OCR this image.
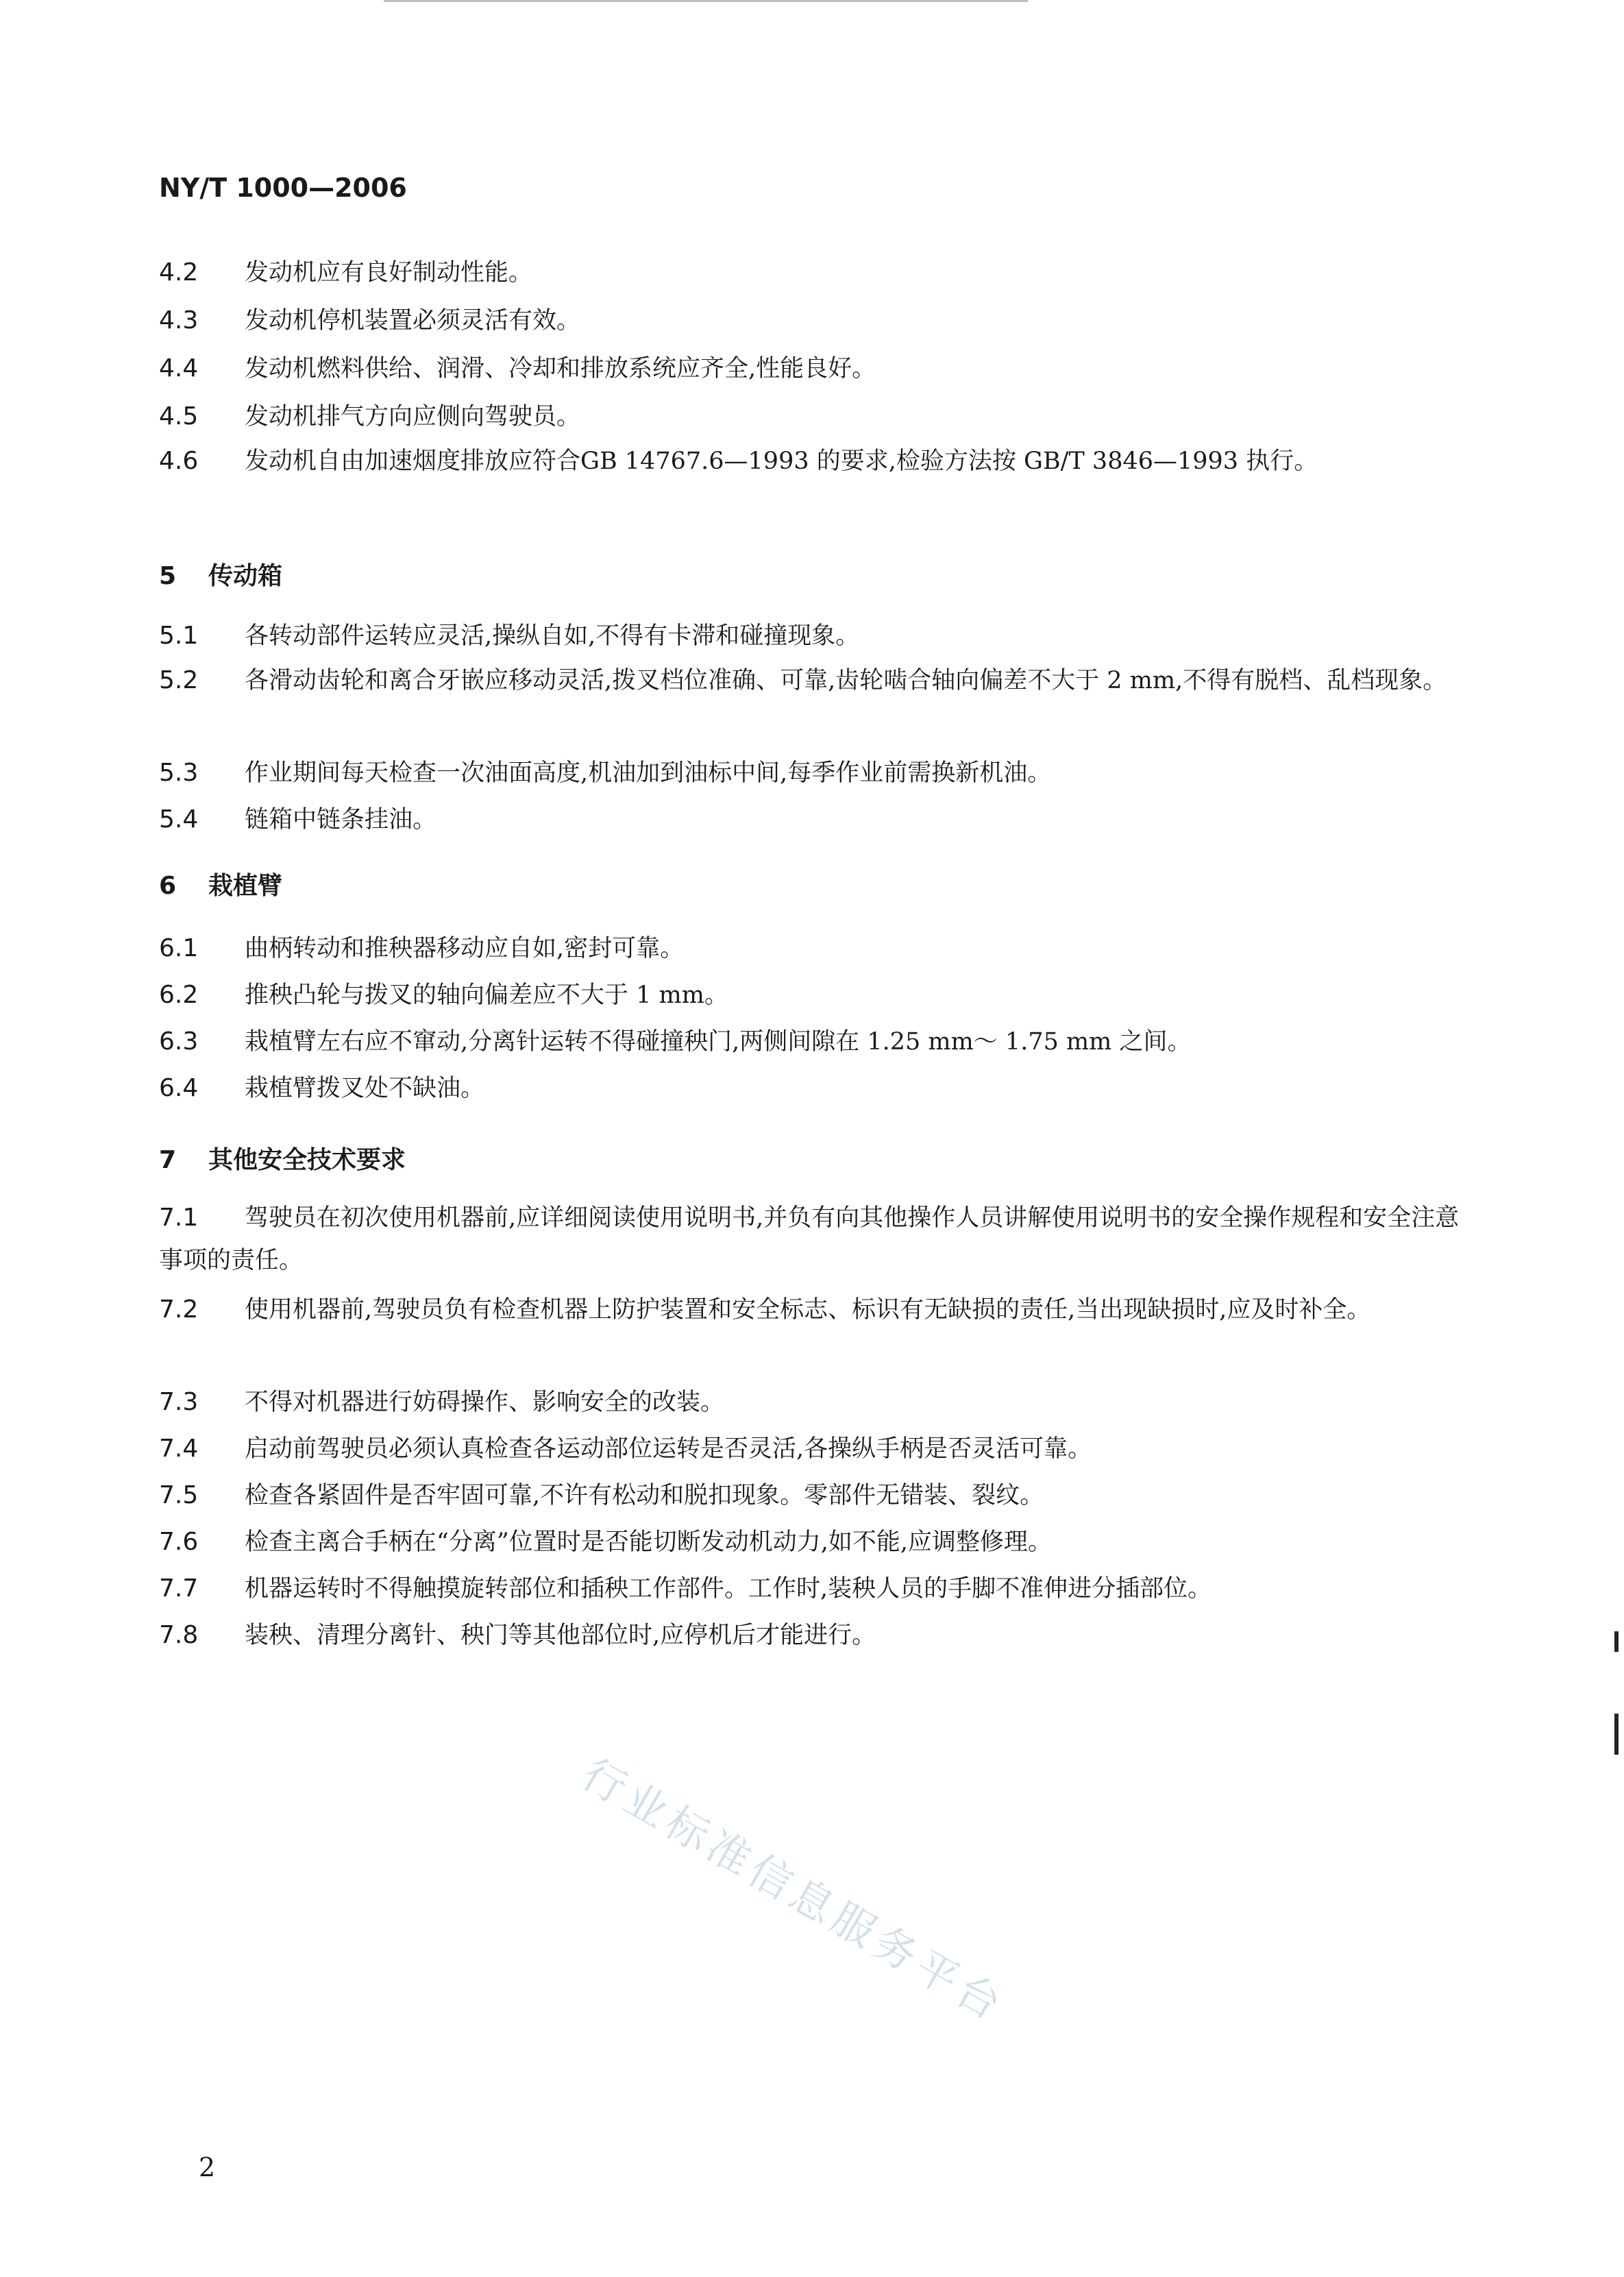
NY/T 1000—2006
4.2 发动机应有良好制动性能。
4.3 发动机停机装置必须灵活有效。
4.4 发动机燃料供给、润滑、冷却和排放系统应齐全,性能良好。
4.5 发动机排气方向应侧向驾驶员。
4.6 发动机自由加速烟度排放应符合GB 14767.6—1993 的要求,检验方法按 GB/T 3846—1993 执行。
5 传动箱
5.1 各转动部件运转应灵活,操纵自如,不得有卡滞和碰撞现象。
5.2 各滑动齿轮和离合牙嵌应移动灵活,拨叉档位准确、可靠,齿轮啮合轴向偏差不大于 2 mm,不得有脱档、乱档现象。
5.3 作业期间每天检查一次油面高度,机油加到油标中间,每季作业前需换新机油。
5.4 链箱中链条挂油。
6 栽植臂
6.1 曲柄转动和推秧器移动应自如,密封可靠。
6.2 推秧凸轮与拨叉的轴向偏差应不大于 1 mm。
6.3 栽植臂左右应不窜动,分离针运转不得碰撞秧门,两侧间隙在 1.25 mm～ 1.75 mm 之间。
6.4 栽植臂拨叉处不缺油。
7 其他安全技术要求
7.1 驾驶员在初次使用机器前,应详细阅读使用说明书,并负有向其他操作人员讲解使用说明书的安全操作规程和安全注意事项的责任。
7.2 使用机器前,驾驶员负有检查机器上防护装置和安全标志、标识有无缺损的责任,当出现缺损时,应及时补全。
7.3 不得对机器进行妨碍操作、影响安全的改装。
7.4 启动前驾驶员必须认真检查各运动部位运转是否灵活,各操纵手柄是否灵活可靠。
7.5 检查各紧固件是否牢固可靠,不许有松动和脱扣现象。零部件无错装、裂纹。
7.6 检查主离合手柄在“分离”位置时是否能切断发动机动力,如不能,应调整修理。
7.7 机器运转时不得触摸旋转部位和插秧工作部件。工作时,装秧人员的手脚不准伸进分插部位。
7.8 装秧、清理分离针、秧门等其他部位时,应停机后才能进行。
行业标准信息服务平台
2
